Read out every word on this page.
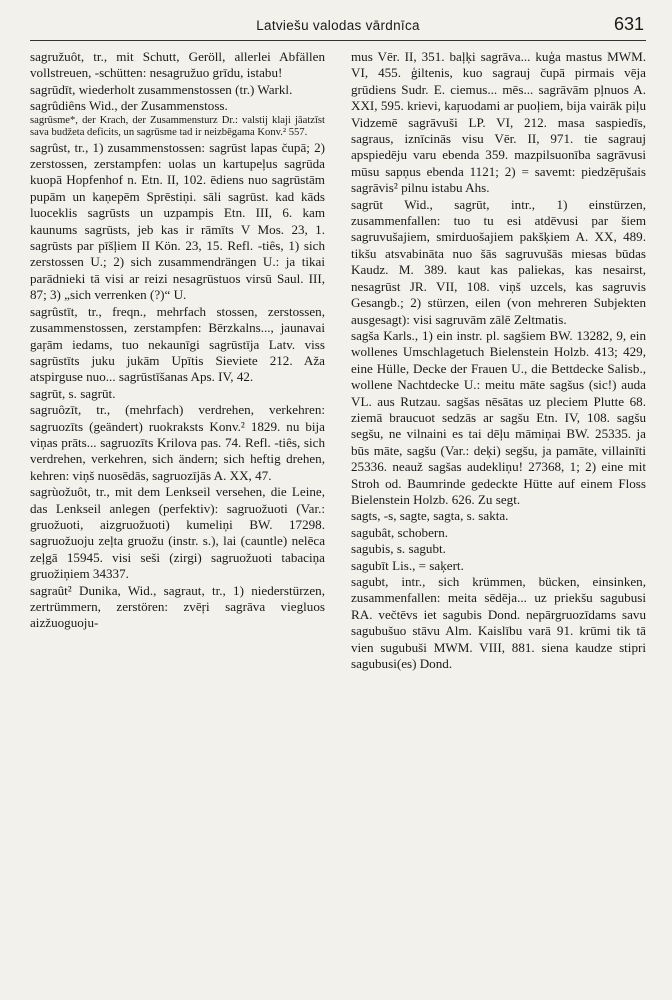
Latviešu valodas vārdnīca	631

sagružuôt, tr., mit Schutt, Geröll, allerlei Abfällen vollstreuen, -schütten: nesagružuo grīdu, istabu!

sagrūdīt, wiederholt zusammenstossen (tr.) Warkl.

sagrûdiêns Wid., der Zusammenstoss.

sagrûsme*, der Krach, der Zusammensturz Dr.: valstij klaji jāatzīst sava budžeta deficits, un sagrūsme tad ir neizbēgama Konv.² 557.

sagrûst, tr., 1) zusammenstossen: sagrūst lapas čupā; 2) zerstossen, zerstampfen: uolas un kartupeļus sagrūda kuopā Hopfenhof n. Etn. II, 102. ēdiens nuo sagrūstām pupām un kaņepēm Sprēstiņi. sāli sagrūst. kad kāds luoceklis sagrūsts un uzpampis Etn. III, 6. kam kaunums sagrūsts, jeb kas ir rāmīts V Mos. 23, 1. sagrūsts par pīšļiem II Kön. 23, 15. Refl. -tiês, 1) sich zerstossen U.; 2) sich zusammendrängen U.: ja tikai parādnieki tā visi ar reizi nesagrūstuos virsū Saul. III, 87; 3) „sich verrenken (?)“ U.

sagrûstīt, tr., freqn., mehrfach stossen, zerstossen, zusammenstossen, zerstampfen: Bērzkalns..., jaunavai gaŗām iedams, tuo nekaunīgi sagrūstīja Latv. viss sagrūstīts juku jukām Upītis Sieviete 212. Aža atspirguse nuo... sagrūstīšanas Aps. IV, 42.

sagrūt, s. sagrūt.

sagruôzīt, tr., (mehrfach) verdrehen, verkehren: sagruozīts (geändert) ruokraksts Konv.² 1829. nu bija viņas prāts... sagruozīts Krilova pas. 74. Refl. -tiês, sich verdrehen, verkehren, sich ändern; sich heftig drehen, kehren: viņš nuosēdās, sagruozījās A. XX, 47.

sagrùožuôt, tr., mit dem Lenkseil versehen, die Leine, das Lenkseil anlegen (perfektiv): sagruožuoti (Var.: gruožuoti, aizgruožuoti) kumeliņi BW. 17298. sagruožuoju zeļta gruožu (instr. s.), lai (cauntle) nelēca zeļgā 15945. visi seši (zirgi) sagruožuoti tabaciņa gruožiņiem 34337.

sagraût² Dunika, Wid., sagraut, tr., 1) niederstürzen, zertrümmern, zerstören: zvēŗi sagrāva viegluos aizžuoguoju-

mus Vēr. II, 351. baļķi sagrāva... kuģa mastus MWM. VI, 455. ģiltenis, kuo sagrauj čupā pirmais vēja grūdiens Sudr. E. ciemus... mēs... sagrāvām pļnuos A. XXI, 595. krievi, kaŗuodami ar puoļiem, bija vairāk piļu Vidzemē sagrāvuši LP. VI, 212. masa saspiedīs, sagraus, iznīcinās visu Vēr. II, 971. tie sagrauj apspiedēju varu ebenda 359. mazpilsuonība sagrāvusi mūsu sapņus ebenda 1121; 2) = savemt: piedzēŗušais sagrāvis² pilnu istabu Ahs.

sagrūt Wid., sagrūt, intr., 1) einstürzen, zusammenfallen: tuo tu esi atdēvusi par šiem sagruvušajiem, smirduošajiem pakšķiem A. XX, 489. tikšu atsvabināta nuo šās sagruvušās miesas būdas Kaudz. M. 389. kaut kas paliekas, kas nesairst, nesagrūst JR. VII, 108. viņš uzcels, kas sagruvis Gesangb.; 2) stürzen, eilen (von mehreren Subjekten ausgesagt): visi sagruvām zālē Zeltmatis.

sagša Karls., 1) ein instr. pl. sagšiem BW. 13282, 9, ein wollenes Umschlagetuch Bielenstein Holzb. 413; 429, eine Hülle, Decke der Frauen U., die Bettdecke Salisb., wollene Nachtdecke U.: meitu māte sagšus (sic!) auda VL. aus Rutzau. sagšas nēsātas uz pleciem Plutte 68. ziemā braucuot sedzās ar sagšu Etn. IV, 108. sagšu segšu, ne vilnaini es tai dēļu māmiņai BW. 25335. ja būs māte, sagšu (Var.: deķi) segšu, ja pamāte, villainīti 25336. neauž sagšas audekliņu! 27368, 1; 2) eine mit Stroh od. Baumrinde gedeckte Hütte auf einem Floss Bielenstein Holzb. 626. Zu segt.

sagts, -s, sagte, sagta, s. sakta.

sagubât, schobern.

sagubis, s. sagubt.

sagubīt Lis., = saķert.

sagubt, intr., sich krümmen, bücken, einsinken, zusammenfallen: meita sēdēja... uz priekšu sagubusi RA. večtēvs iet sagubis Dond. nepārgruozīdams savu sagubušuo stāvu Alm. Kaislību varā 91. krūmi tik tā vien sugubuši MWM. VIII, 881. siena kaudze stipri sagubusi(es) Dond.
